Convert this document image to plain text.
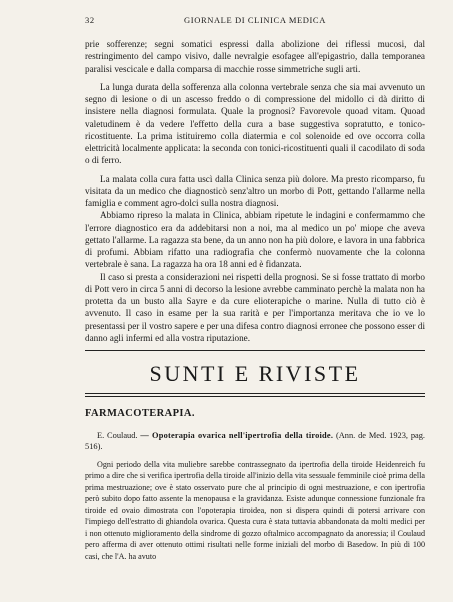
32	GIORNALE DI CLINICA MEDICA

prie sofferenze; segni somatici espressi dalla abolizione dei riflessi mucosi, dal restringimento del campo visivo, dalle nevralgie esofagee all'epigastrio, dalla temporanea paralisi vescicale e dalla comparsa di macchie rosse simmetriche sugli arti.

La lunga durata della sofferenza alla colonna vertebrale senza che sia mai avvenuto un segno di lesione o di un ascesso freddo o di compressione del midollo ci dà diritto di insistere nella diagnosi formulata. Quale la prognosi? Favorevole quoad vitam. Quoad valetudinem è da vedere l'effetto della cura a base suggestiva sopratutto, e tonico-ricostituente. La prima istituiremo colla diatermia e col solenoide ed ove occorra colla elettricità localmente applicata: la seconda con tonici-ricostituenti quali il cacodilato di soda o di ferro.

La malata colla cura fatta uscì dalla Clinica senza più dolore. Ma presto ricomparso, fu visitata da un medico che diagnosticò senz'altro un morbo di Pott, gettando l'allarme nella famiglia e comment agro-dolci sulla nostra diagnosi.

Abbiamo ripreso la malata in Clinica, abbiam ripetute le indagini e confermammo che l'errore diagnostico era da addebitarsi non a noi, ma al medico un po' miope che aveva gettato l'allarme. La ragazza sta bene, da un anno non ha più dolore, e lavora in una fabbrica di profumi. Abbiam rifatto una radiografia che confermò nuovamente che la colonna vertebrale è sana. La ragazza ha ora 18 anni ed è fidanzata.

Il caso si presta a considerazioni nei rispetti della prognosi. Se si fosse trattato di morbo di Pott vero in circa 5 anni di decorso la lesione avrebbe camminato perchè la malata non ha protetta da un busto alla Sayre e da cure elioterapiche o marine. Nulla di tutto ciò è avvenuto. Il caso in esame per la sua rarità e per l'importanza meritava che io ve lo presentassi per il vostro sapere e per una difesa contro diagnosi erronee che possono esser di danno agli infermi ed alla vostra riputazione.

SUNTI E RIVISTE
FARMACOTERAPIA.

E. Coulaud. — Opoterapia ovarica nell'ipertrofia della tiroide. (Ann. de Med. 1923, pag. 516).

Ogni periodo della vita muliebre sarebbe contrassegnato da ipertrofia della tiroide Heidenreich fu primo a dire che si verifica ipertrofia della tiroide all'inizio della vita sessuale femminile cioè prima della prima mestruazione; ove è stato osservato pure che al principio di ogni mestruazione, e con ipertrofia però subito dopo fatto assente la menopausa e la gravidanza. Esiste adunque connessione funzionale fra tiroide ed ovaio dimostrata con l'opoterapia tiroidea, non si dispera quindi di potersi arrivare con l'impiego dell'estratto di ghiandola ovarica. Questa cura è stata tuttavia abbandonata da molti medici per i non ottenuto miglioramento della sindrome di gozzo oftalmico accompagnato da anoressia; il Coulaud pero afferma di aver ottenuto ottimi risultati nelle forme iniziali del morbo di Basedow. In più di 100 casi, che l'A. ha avuto
